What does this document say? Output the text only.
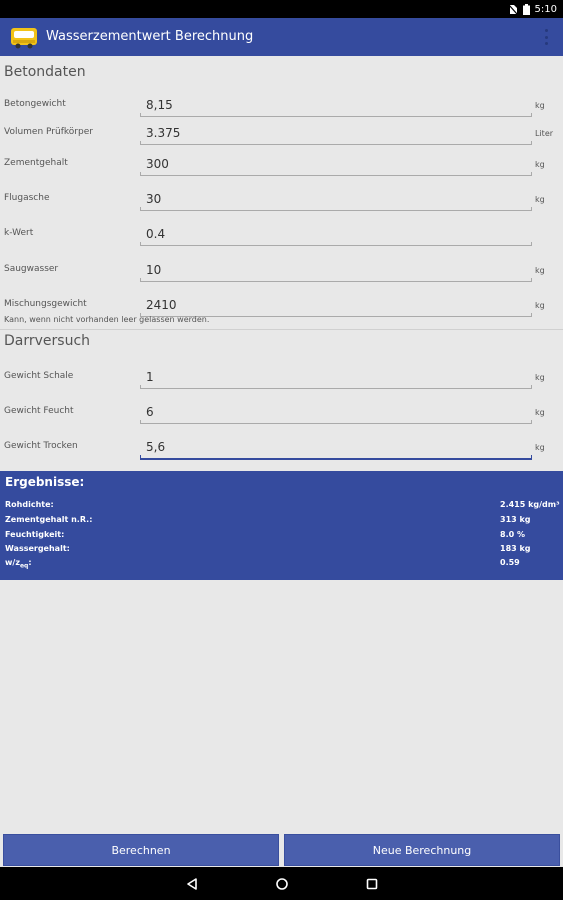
5:10
Wasserzementwert Berechnung
Betondaten
Betongewicht
8,15	kg
Volumen Prüfkörper
3.375	Liter
Zementgehalt
300	kg
Flugasche
30	kg
k-Wert
0.4
Saugwasser
10	kg
Mischungsgewicht
2410	kg
Kann, wenn nicht vorhanden leer gelassen werden.
Darrversuch
Gewicht Schale
1	kg
Gewicht Feucht
6	kg
Gewicht Trocken
5,6	kg
Ergebnisse:
Rohdichte:	2.415 kg/dm³
Zementgehalt n.R.:	313 kg
Feuchtigkeit:	8.0 %
Wassergehalt:	183 kg
$w/z_{eq}$:	0.59
Berechnen	Neue Berechnung
